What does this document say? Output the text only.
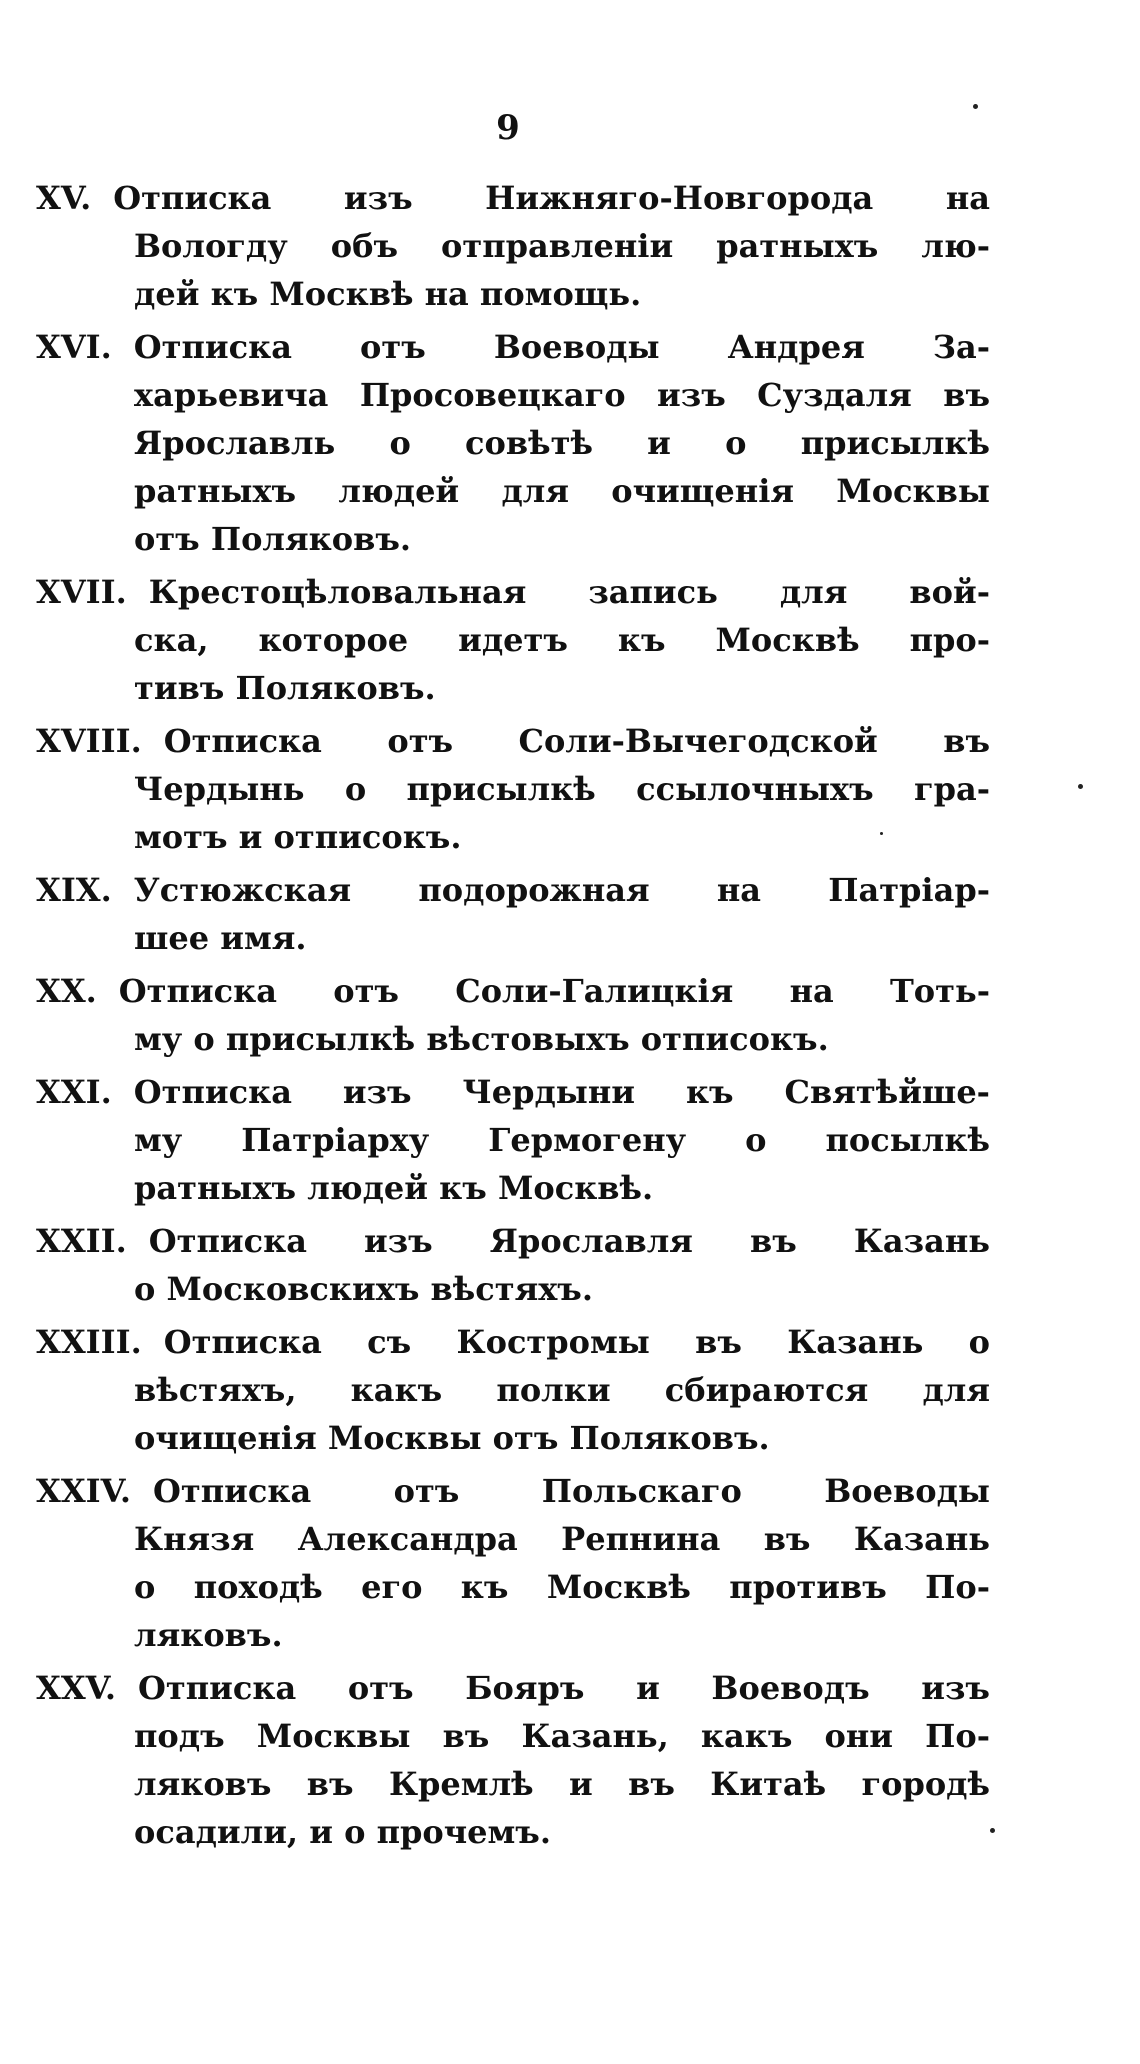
9
XV. Отписка изъ Нижняго-Новгорода на
Вологду объ отправленіи ратныхъ лю-
дей къ Москвѣ на помощь.
XVI. Отписка отъ Воеводы Андрея За-
харьевича Просовецкаго изъ Суздаля въ
Ярославль о совѣтѣ и о присылкѣ
ратныхъ людей для очищенія Москвы
отъ Поляковъ.
XVII. Крестоцѣловальная запись для вой-
ска, которое идетъ къ Москвѣ про-
тивъ Поляковъ.
XVIII. Отписка отъ Соли-Вычегодской въ
Чердынь о присылкѣ ссылочныхъ гра-
мотъ и отписокъ.
XIX. Устюжская подорожная на Патріар-
шее имя.
XX. Отписка отъ Соли-Галицкія на Тоть-
му о присылкѣ вѣстовыхъ отписокъ.
XXI. Отписка изъ Чердыни къ Святѣйше-
му Патріарху Гермогену о посылкѣ
ратныхъ людей къ Москвѣ.
XXII. Отписка изъ Ярославля въ Казань
о Московскихъ вѣстяхъ.
XXIII. Отписка съ Костромы въ Казань о
вѣстяхъ, какъ полки сбираются для
очищенія Москвы отъ Поляковъ.
XXIV. Отписка	отъ	Польскаго	Воеводы
Князя Александра Репнина въ Казань
о походѣ его къ Москвѣ противъ По-
ляковъ.
XXV. Отписка отъ Бояръ и Воеводъ изъ
подъ Москвы въ Казань, какъ они По-
ляковъ въ Кремлѣ и въ Китаѣ городѣ
осадили, и о прочемъ.
